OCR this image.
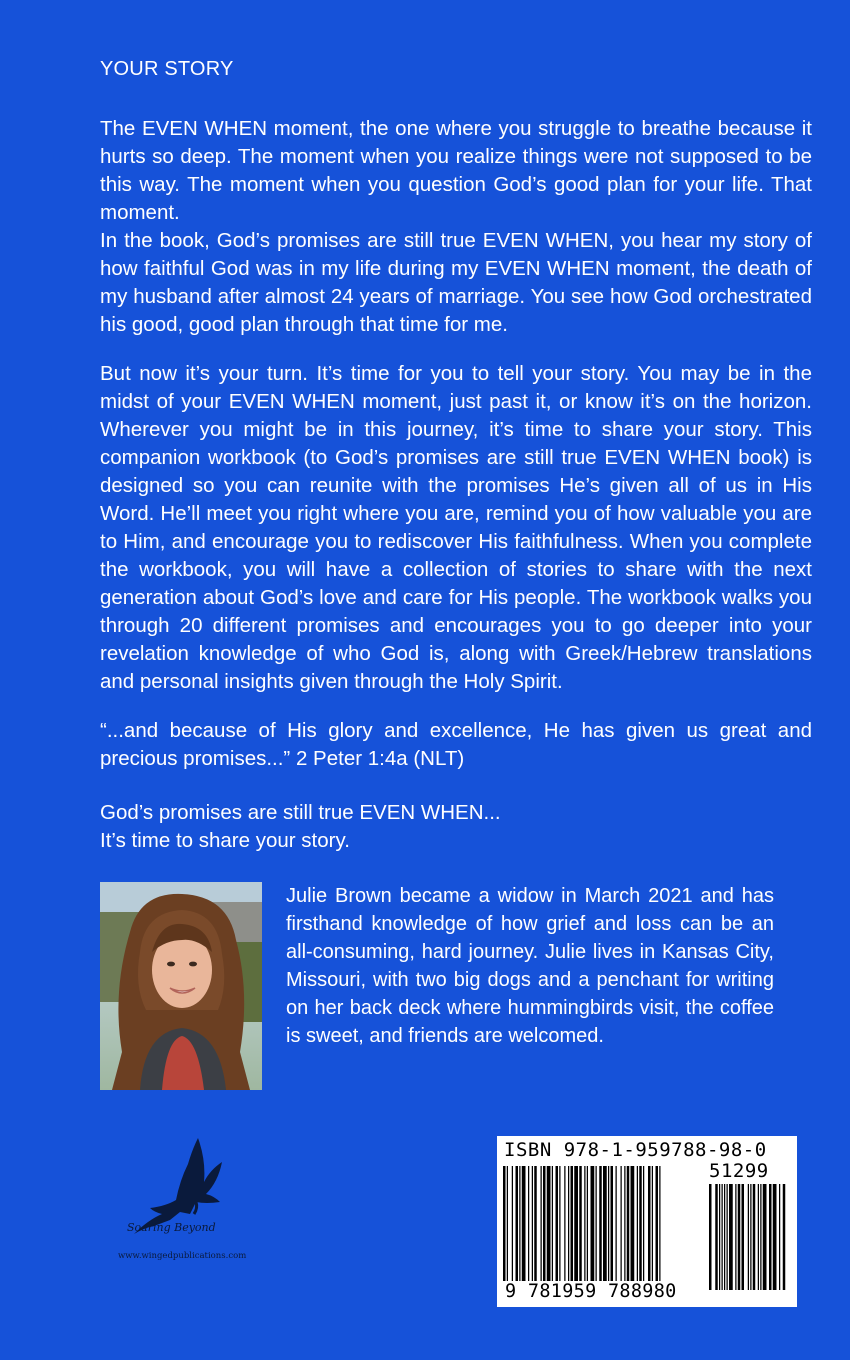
YOUR STORY

The EVEN WHEN moment, the one where you struggle to breathe because it hurts so deep. The moment when you realize things were not supposed to be this way. The moment when you question God’s good plan for your life. That moment.

In the book, God’s promises are still true EVEN WHEN, you hear my story of how faithful God was in my life during my EVEN WHEN moment, the death of my husband after almost 24 years of marriage. You see how God orchestrated his good, good plan through that time for me.

But now it’s your turn. It’s time for you to tell your story. You may be in the midst of your EVEN WHEN moment, just past it, or know it’s on the horizon. Wherever you might be in this journey, it’s time to share your story. This companion workbook (to God’s promises are still true EVEN WHEN book) is designed so you can reunite with the promises He’s given all of us in His Word. He’ll meet you right where you are, remind you of how valuable you are to Him, and encourage you to rediscover His faithfulness. When you complete the workbook, you will have a collection of stories to share with the next generation about God’s love and care for His people. The workbook walks you through 20 different promises and encourages you to go deeper into your revelation knowledge of who God is, along with Greek/Hebrew translations and personal insights given through the Holy Spirit.

“...and because of His glory and excellence, He has given us great and precious promises...” 2 Peter 1:4a (NLT)

God’s promises are still true EVEN WHEN...

It’s time to share your story.

Julie Brown became a widow in March 2021 and has firsthand knowledge of how grief and loss can be an all-consuming, hard journey. Julie lives in Kansas City, Missouri, with two big dogs and a penchant for writing on her back deck where hummingbirds visit, the coffee is sweet, and friends are welcomed.
Soaring Beyond
www.wingedpublications.com
ISBN 978-1-959788-98-0
51299
9 781959 788980
